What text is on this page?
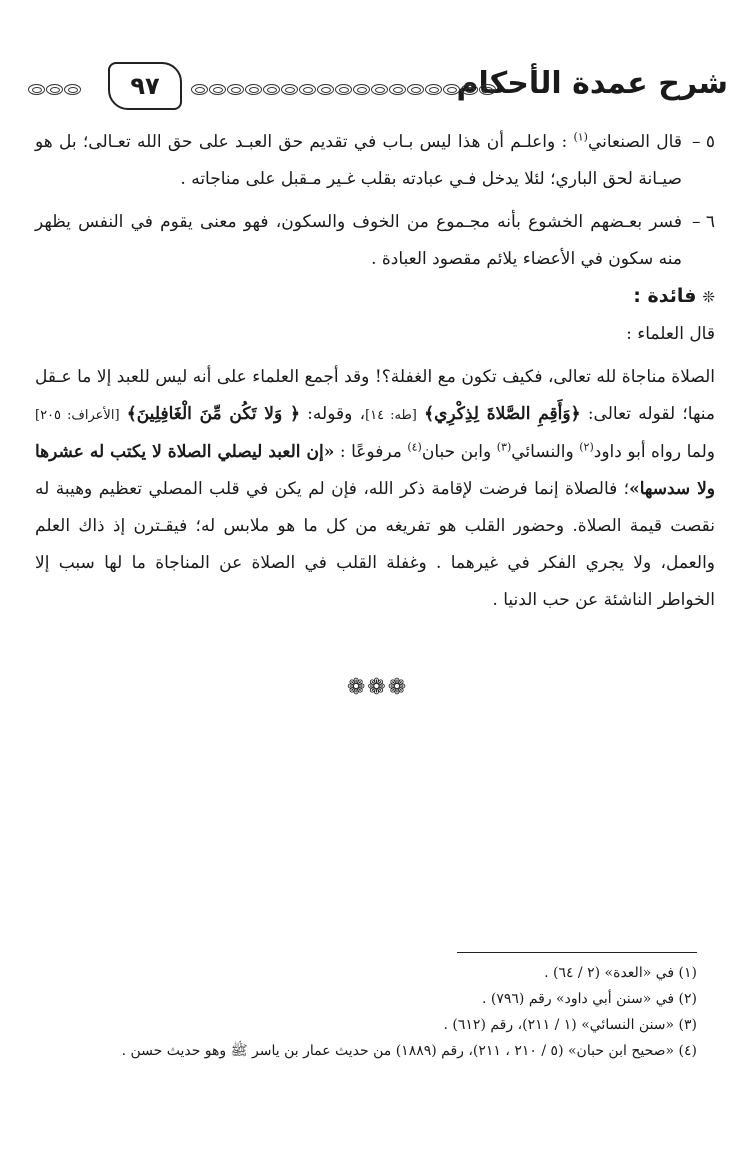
شرح عمدة الأحكام
٩٧
٥ –
قال الصنعاني$^{(١)}$ : واعلـم أن هذا ليس بـاب في تقديم حق العبـد على حق الله تعـالى؛ بل هو صيـانة لحق الباري؛ لئلا يدخل فـي عبادته بقلب غـير مـقبل على مناجاته .
٦ –
فسر بعـضهم الخشوع بأنه مجـموع من الخوف والسكون، فهو معنى يقوم في النفس يظهر منه سكون في الأعضاء يلائم مقصود العبادة .
❊فائدة :
قال العلماء :
الصلاة مناجاة لله تعالى، فكيف تكون مع الغفلة؟! وقد أجمع العلماء على أنه ليس للعبد إلا ما عـقل منها؛ لقوله تعالى: ﴿وَأَقِمِ الصَّلاةَ لِذِكْرِي﴾ [طه: ١٤]، وقوله: ﴿ وَلا تَكُن مِّنَ الْغَافِلِينَ﴾ [الأعراف: ٢٠٥] ولما رواه أبو داود$^{(٢)}$ والنسائي$^{(٣)}$ وابن حبان$^{(٤)}$ مرفوعًا : «إن العبد ليصلي الصلاة لا يكتب له عشرها ولا سدسها»؛ فالصلاة إنما فرضت لإقامة ذكر الله، فإن لم يكن في قلب المصلي تعظيم وهيبة له نقصت قيمة الصلاة. وحضور القلب هو تفريغه من كل ما هو ملابس له؛ فيقـترن إذ ذاك العلم والعمل، ولا يجري الفكر في غيرهما . وغفلة القلب في الصلاة عن المناجاة ما لها سبب إلا الخواطر الناشئة عن حب الدنيا .
❁❁❁
(١) في «العدة» (٢ / ٦٤) .
(٢) في «سنن أبي داود» رقم (٧٩٦) .
(٣) «سنن النسائي» (١ / ٢١١)، رقم (٦١٢) .
(٤) «صحيح ابن حبان» (٥ / ٢١٠ ، ٢١١)، رقم (١٨٨٩) من حديث عمار بن ياسر ﷺ وهو حديث حسن .
